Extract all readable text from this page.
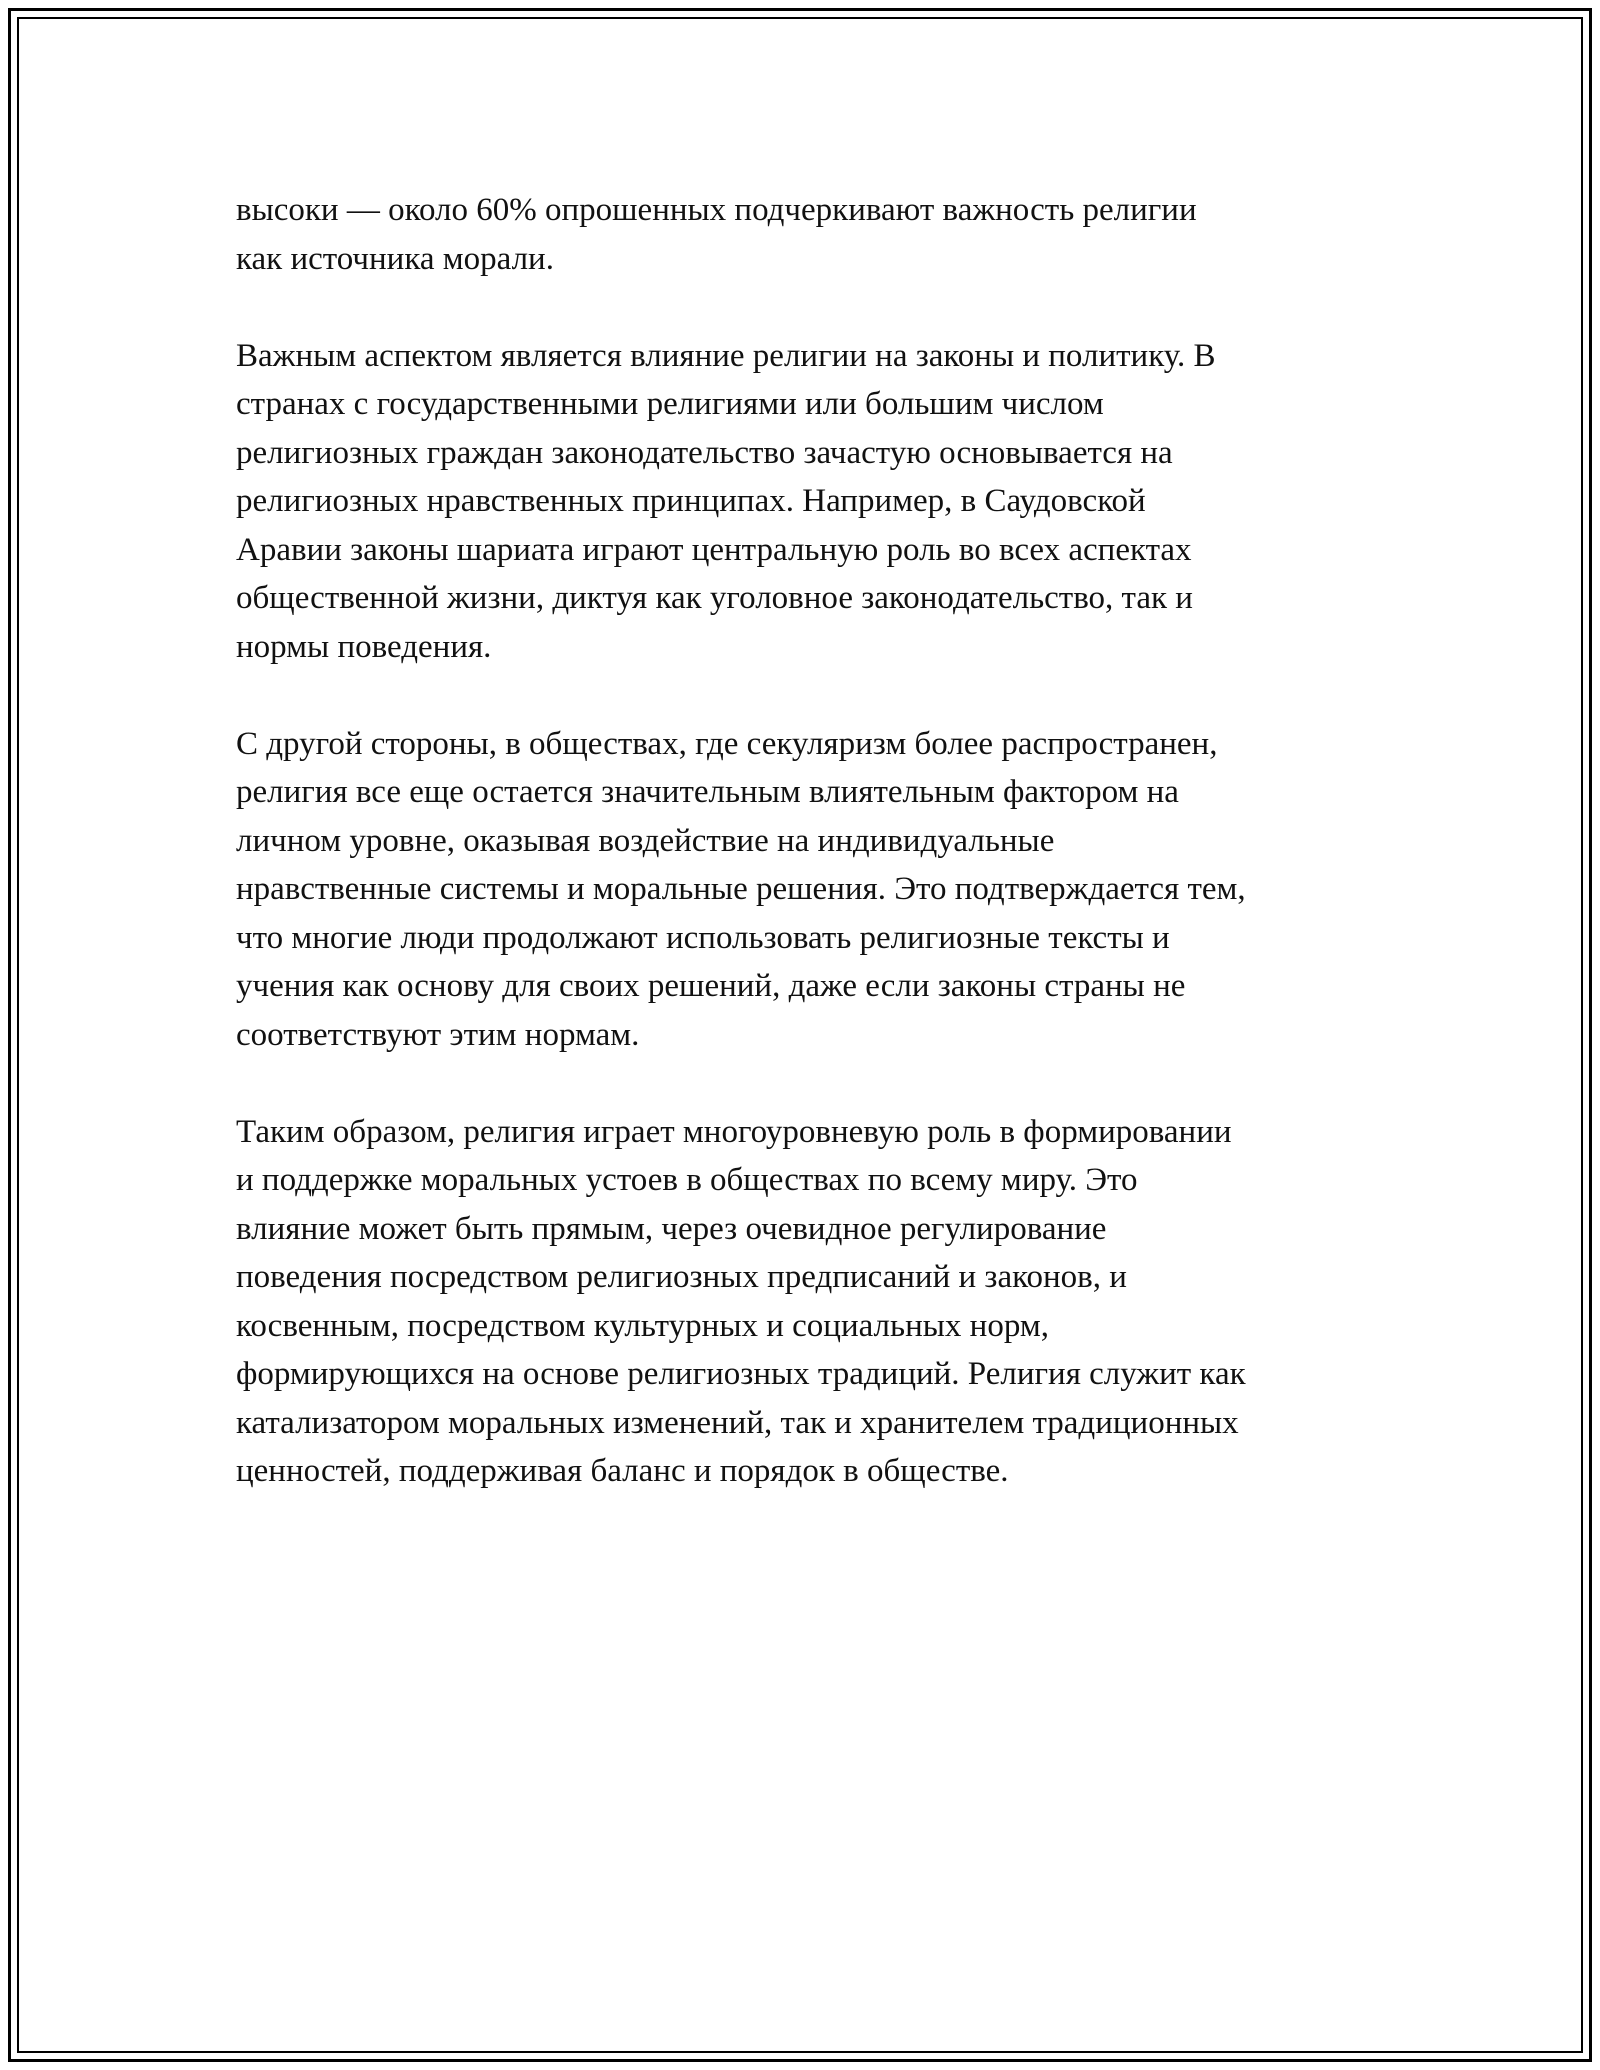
высоки — около 60% опрошенных подчеркивают важность религии
как источника морали.

Важным аспектом является влияние религии на законы и политику. В
странах с государственными религиями или большим числом
религиозных граждан законодательство зачастую основывается на
религиозных нравственных принципах. Например, в Саудовской
Аравии законы шариата играют центральную роль во всех аспектах
общественной жизни, диктуя как уголовное законодательство, так и
нормы поведения.

С другой стороны, в обществах, где секуляризм более распространен,
религия все еще остается значительным влиятельным фактором на
личном уровне, оказывая воздействие на индивидуальные
нравственные системы и моральные решения. Это подтверждается тем,
что многие люди продолжают использовать религиозные тексты и
учения как основу для своих решений, даже если законы страны не
соответствуют этим нормам.

Таким образом, религия играет многоуровневую роль в формировании
и поддержке моральных устоев в обществах по всему миру. Это
влияние может быть прямым, через очевидное регулирование
поведения посредством религиозных предписаний и законов, и
косвенным, посредством культурных и социальных норм,
формирующихся на основе религиозных традиций. Религия служит как
катализатором моральных изменений, так и хранителем традиционных
ценностей, поддерживая баланс и порядок в обществе.
